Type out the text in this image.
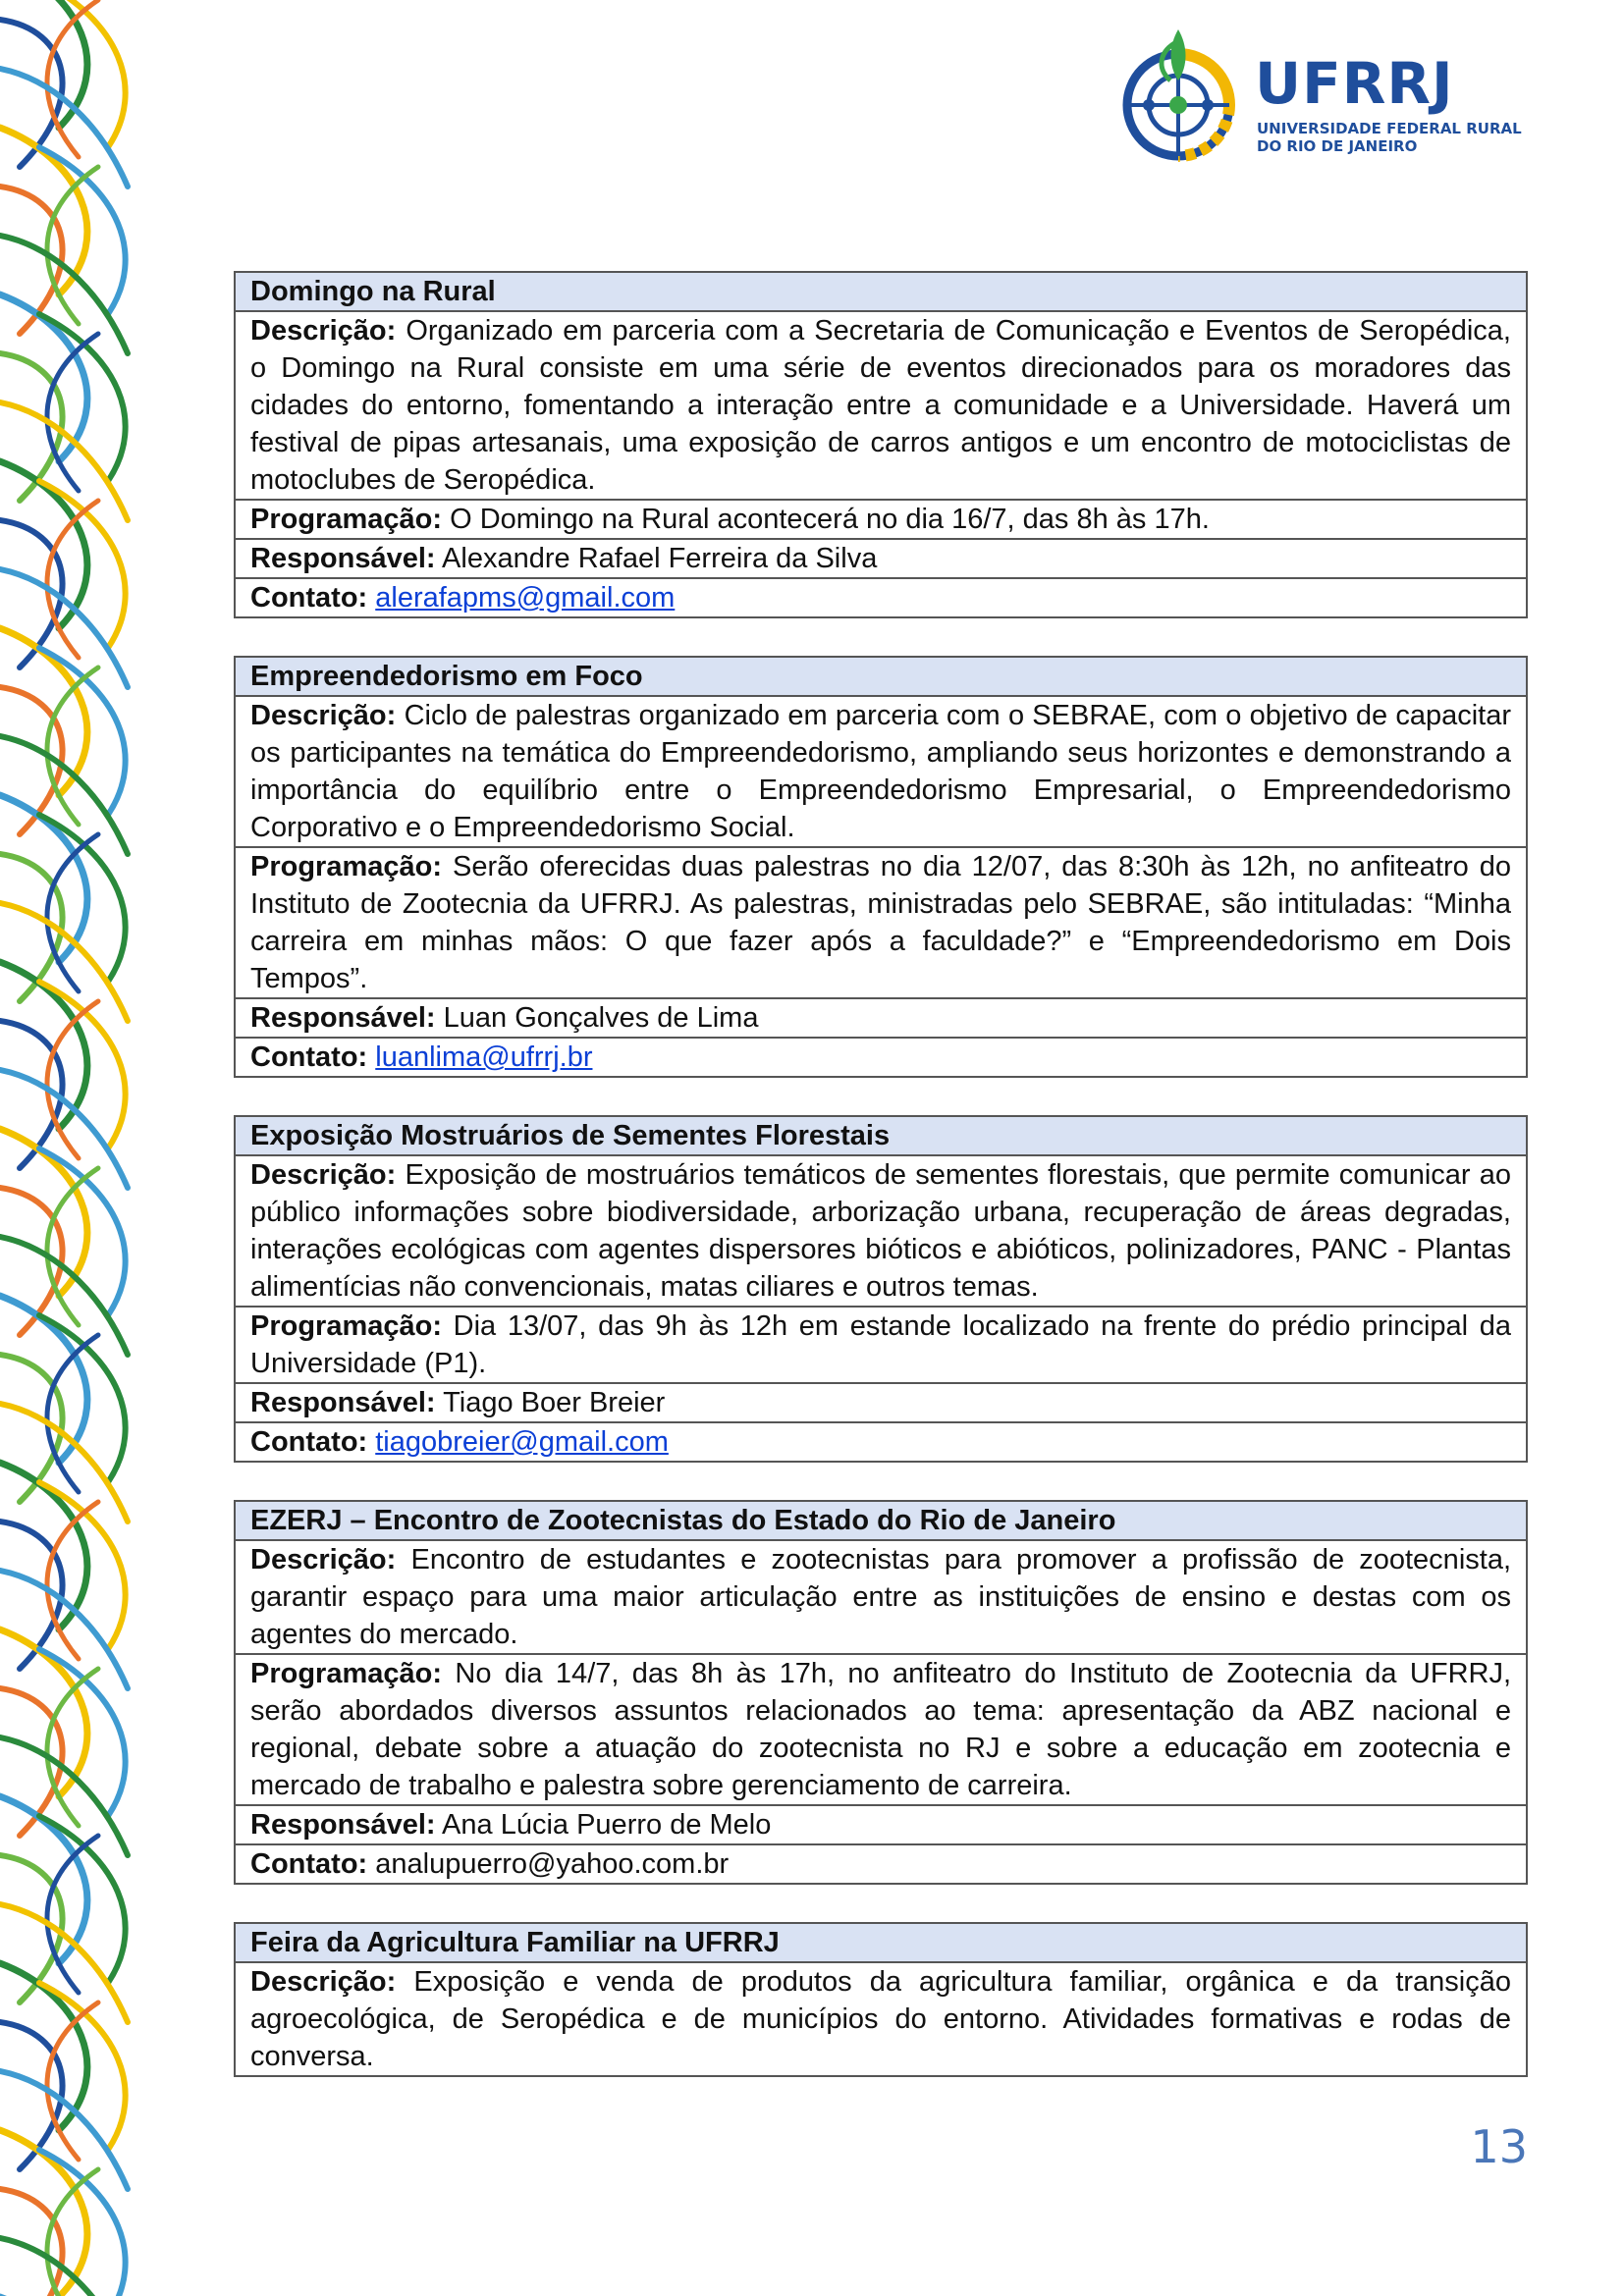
UFRRJ
UNIVERSIDADE FEDERAL RURAL
DO RIO DE JANEIRO
Domingo na Rural
Descrição: Organizado em parceria com a Secretaria de Comunicação e Eventos de Seropédica, o Domingo na Rural consiste em uma série de eventos direcionados para os moradores das cidades do entorno, fomentando a interação entre a comunidade e a Universidade. Haverá um festival de pipas artesanais, uma exposição de carros antigos e um encontro de motociclistas de motoclubes de Seropédica.
Programação: O Domingo na Rural acontecerá no dia 16/7, das 8h às 17h.
Responsável: Alexandre Rafael Ferreira da Silva
Contato: alerafapms@gmail.com
Empreendedorismo em Foco
Descrição: Ciclo de palestras organizado em parceria com o SEBRAE, com o objetivo de capacitar os participantes na temática do Empreendedorismo, ampliando seus horizontes e demonstrando a importância do equilíbrio entre o Empreendedorismo Empresarial, o Empreendedorismo Corporativo e o Empreendedorismo Social.
Programação: Serão oferecidas duas palestras no dia 12/07, das 8:30h às 12h, no anfiteatro do Instituto de Zootecnia da UFRRJ. As palestras, ministradas pelo SEBRAE, são intituladas: “Minha carreira em minhas mãos: O que fazer após a faculdade?” e “Empreendedorismo em Dois Tempos”.
Responsável: Luan Gonçalves de Lima
Contato: luanlima@ufrrj.br
Exposição Mostruários de Sementes Florestais
Descrição: Exposição de mostruários temáticos de sementes florestais, que permite comunicar ao público informações sobre biodiversidade, arborização urbana, recuperação de áreas degradas, interações ecológicas com agentes dispersores bióticos e abióticos, polinizadores, PANC - Plantas alimentícias não convencionais, matas ciliares e outros temas.
Programação: Dia 13/07, das 9h às 12h em estande localizado na frente do prédio principal da Universidade (P1).
Responsável: Tiago Boer Breier
Contato: tiagobreier@gmail.com
EZERJ – Encontro de Zootecnistas do Estado do Rio de Janeiro
Descrição: Encontro de estudantes e zootecnistas para promover a profissão de zootecnista, garantir espaço para uma maior articulação entre as instituições de ensino e destas com os agentes do mercado.
Programação: No dia 14/7, das 8h às 17h, no anfiteatro do Instituto de Zootecnia da UFRRJ, serão abordados diversos assuntos relacionados ao tema: apresentação da ABZ nacional e regional, debate sobre a atuação do zootecnista no RJ e sobre a educação em zootecnia e mercado de trabalho e palestra sobre gerenciamento de carreira.
Responsável: Ana Lúcia Puerro de Melo
Contato: analupuerro@yahoo.com.br
Feira da Agricultura Familiar na UFRRJ
Descrição: Exposição e venda de produtos da agricultura familiar, orgânica e da transição agroecológica, de Seropédica e de municípios do entorno. Atividades formativas e rodas de conversa.
13
